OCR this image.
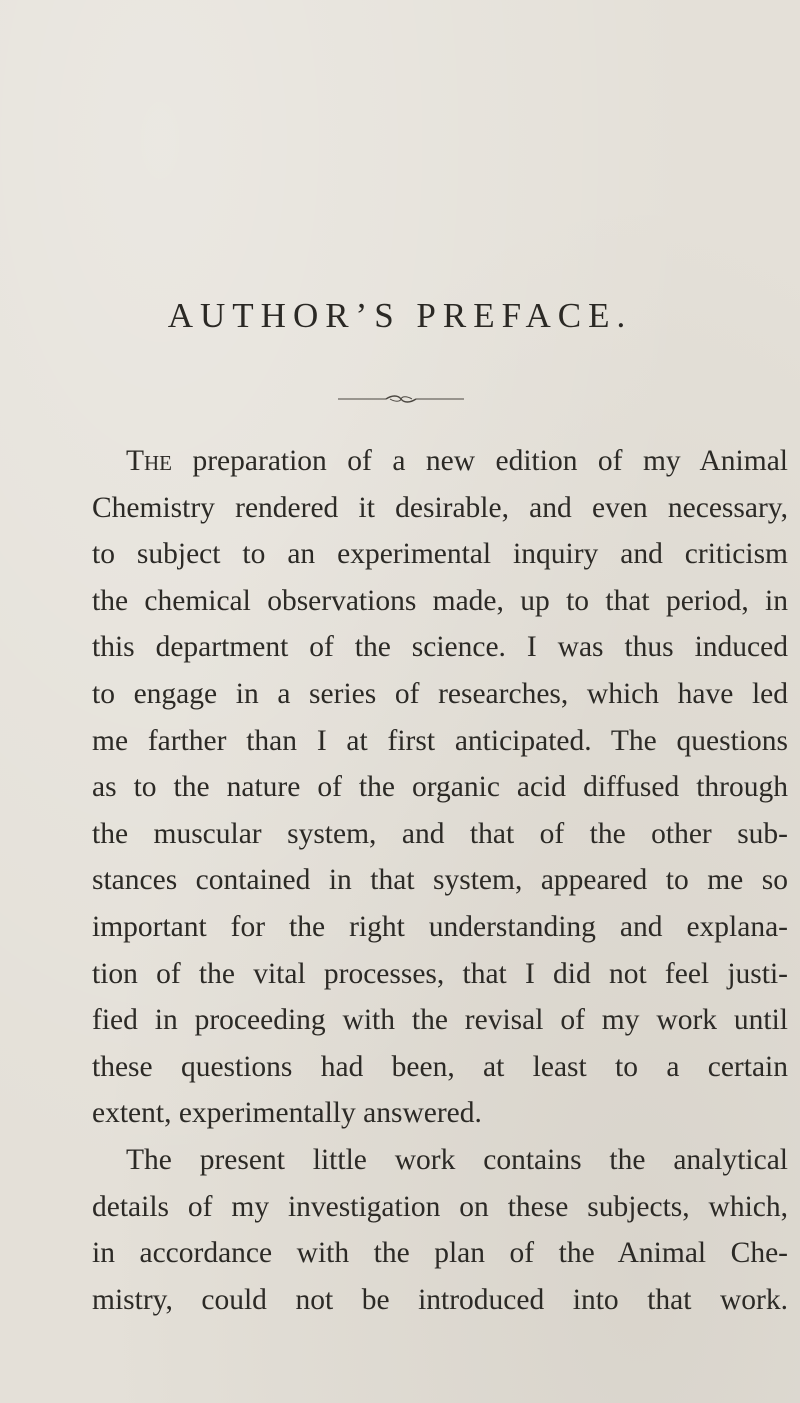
AUTHOR’S PREFACE.
The preparation of a new edition of my Animal
Chemistry rendered it desirable, and even necessary,
to subject to an experimental inquiry and criticism
the chemical observations made, up to that period, in
this department of the science. I was thus induced
to engage in a series of researches, which have led
me farther than I at first anticipated. The questions
as to the nature of the organic acid diffused through
the muscular system, and that of the other sub-
stances contained in that system, appeared to me so
important for the right understanding and explana-
tion of the vital processes, that I did not feel justi-
fied in proceeding with the revisal of my work until
these questions had been, at least to a certain
extent, experimentally answered.
The present little work contains the analytical
details of my investigation on these subjects, which,
in accordance with the plan of the Animal Che-
mistry, could not be introduced into that work.
